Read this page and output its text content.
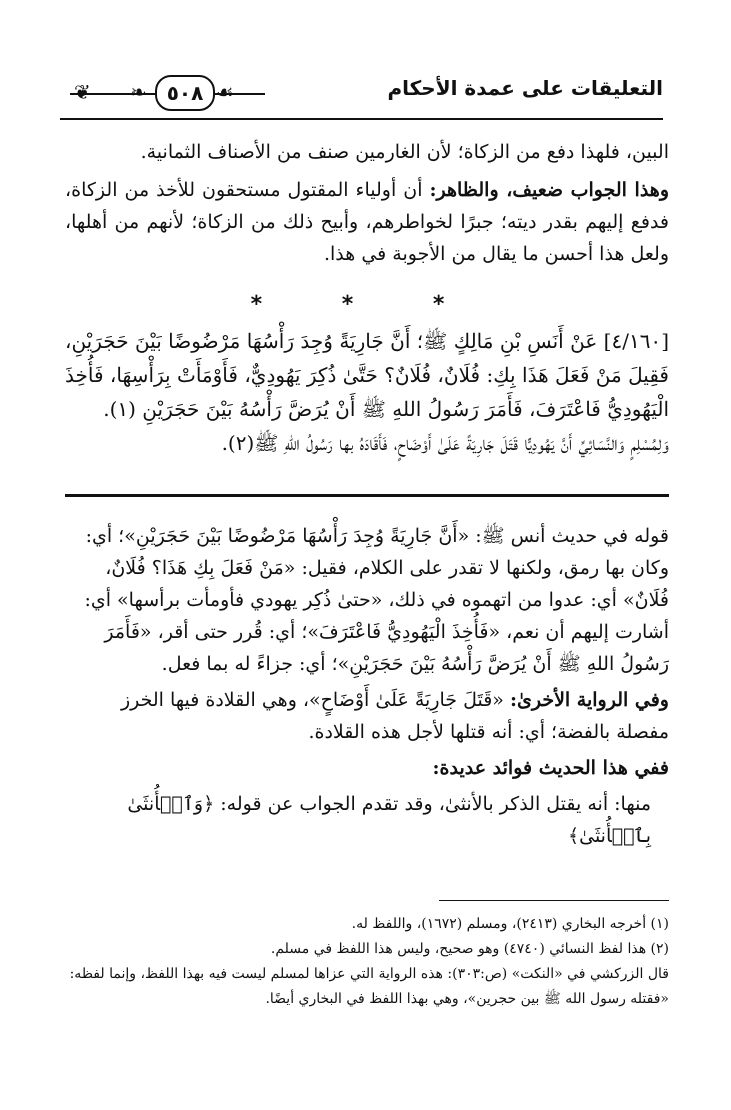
التعليقات على عمدة الأحكام
❦ ❧	☙
٥٠٨

البين، فلهذا دفع من الزكاة؛ لأن الغارمين صنف من الأصناف الثمانية.

وهذا الجواب ضعيف، والظاهر: أن أولياء المقتول مستحقون للأخذ من الزكاة، فدفع إليهم بقدر ديته؛ جبرًا لخواطرهم، وأبيح ذلك من الزكاة؛ لأنهم من أهلها، ولعل هذا أحسن ما يقال من الأجوبة في هذا.

* * *

[٤/١٦٠] عَنْ أَنَسِ بْنِ مَالِكٍ ﷺ؛ أَنَّ جَارِيَةً وُجِدَ رَأْسُهَا مَرْضُوضًا بَيْنَ حَجَرَيْنِ، فَقِيلَ مَنْ فَعَلَ هَذَا بِكِ: فُلَانٌ، فُلَانٌ؟ حَتَّىٰ ذُكِرَ يَهُودِيٌّ، فَأَوْمَأَتْ بِرَأْسِهَا، فَأُخِذَ الْيَهُودِيُّ فَاعْتَرَفَ، فَأَمَرَ رَسُولُ اللهِ ﷺ أَنْ يُرَضَّ رَأْسُهُ بَيْنَ حَجَرَيْنِ (١).

وَلِمُسْلِمٍ وَالنَّسَائِيِّ أَنَّ يَهُودِيًّا قَتَلَ جَارِيَةً عَلَىٰ أَوْضَاحٍ، فَأَقَادَهُ بها رَسُولُ اللهِ ﷺ(٢).

قوله في حديث أنس ﷺ: «أَنَّ جَارِيَةً وُجِدَ رَأْسُهَا مَرْضُوضًا بَيْنَ حَجَرَيْنِ»؛ أي: وكان بها رمق، ولكنها لا تقدر على الكلام، فقيل: «مَنْ فَعَلَ بِكِ هَذَا؟ فُلَانٌ، فُلَانٌ» أي: عدوا من اتهموه في ذلك، «حتىٰ ذُكِر يهودي فأومأت برأسها» أي: أشارت إليهم أن نعم، «فَأُخِذَ الْيَهُودِيُّ فَاعْتَرَفَ»؛ أي: قُرر حتى أقر، «فَأَمَرَ رَسُولُ اللهِ ﷺ أَنْ يُرَضَّ رَأْسُهُ بَيْنَ حَجَرَيْنِ»؛ أي: جزاءً له بما فعل.

وفي الرواية الأخرىٰ: «قَتَلَ جَارِيَةً عَلَىٰ أَوْضَاحٍ»، وهي القلادة فيها الخرز مفصلة بالفضة؛ أي: أنه قتلها لأجل هذه القلادة.

ففي هذا الحديث فوائد عديدة:

منها: أنه يقتل الذكر بالأنثىٰ، وقد تقدم الجواب عن قوله: ﴿وَٱلۡأُنثَىٰ بِٱلۡأُنثَىٰ﴾

(١) أخرجه البخاري (٢٤١٣)، ومسلم (١٦٧٢)، واللفظ له.

(٢) هذا لفظ النسائي (٤٧٤٠) وهو صحيح، وليس هذا اللفظ في مسلم.

قال الزركشي في «النكت» (ص:٣٠٣): هذه الرواية التي عزاها لمسلم ليست فيه بهذا اللفظ، وإنما لفظه: «فقتله رسول الله ﷺ بين حجرين»، وهي بهذا اللفظ في البخاري أيضًا.
